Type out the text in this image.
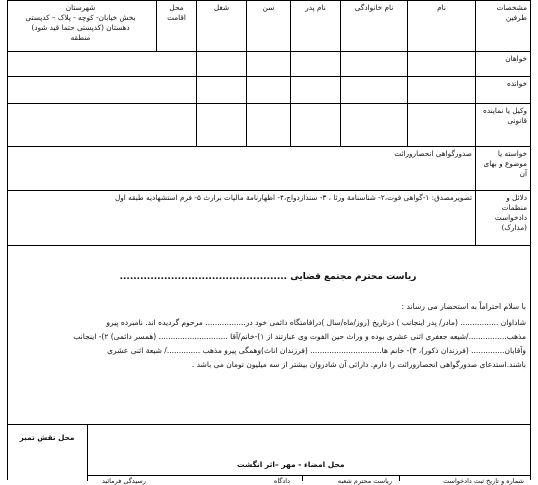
مشخصات طرفین	نام	نام خانوادگی	نام پدر	سن	شغل	محل اقامت	شهرستان
بخش خیابان- کوچه - پلاک – کدپستی
دهستان (کدپستی حتما قید شود)
منطقه

خواهان							
خوانده							
وکیل یا نماینده قانونی							
خواسته یا موضوع و بهای آن	صدورگواهی انحصاروراثت						
دلائل و منظمات دادخواست (مدارک)	تصویرمصدق: ۱-گواهی فوت،۲- شناسنامة ورثا ، ۳- سندازدواج،۴- اظهارنامة مالیات برارث ۵- فرم استشهادیه طبقه اول						
ریاست محترم مجتمع قضایی .................................................
با سلام احتراماً به استحضار می رساند :

شاداوان ................ (مادر/ پدر اینجانب ) درتاریخ (روز/ماه/سال )درافامتگاه دائمی خود در................. مرحوم گردیده اند. نامبرده پیرو

مذهب................/شیعه جعفری اثنی عشری بوده و وراث حین الفوت وی عبارتند از ۱)-خانم/آقا ............................. (همسر دائمی) ۲)- اینجانب

وآقایان.............. (فرزندان ذکور)، ۳)- خانم ها.............................. (فرزندان اناث)وهمگی پیرو مذهب ............../ شیعة اثنی عشری

باشند.استدعای صدورگواهی انحصاروراثت را دارم. دارائی آن شادروان بیشتر از سه میلیون تومان می باشد .

محل نقش تمبر
محل امضاء - مهر –اثر انگشت
شماره و تاریخ ثبت دادخواست
ریاست محترم شعبه
دادگاه
رسیدگی فرمائید
